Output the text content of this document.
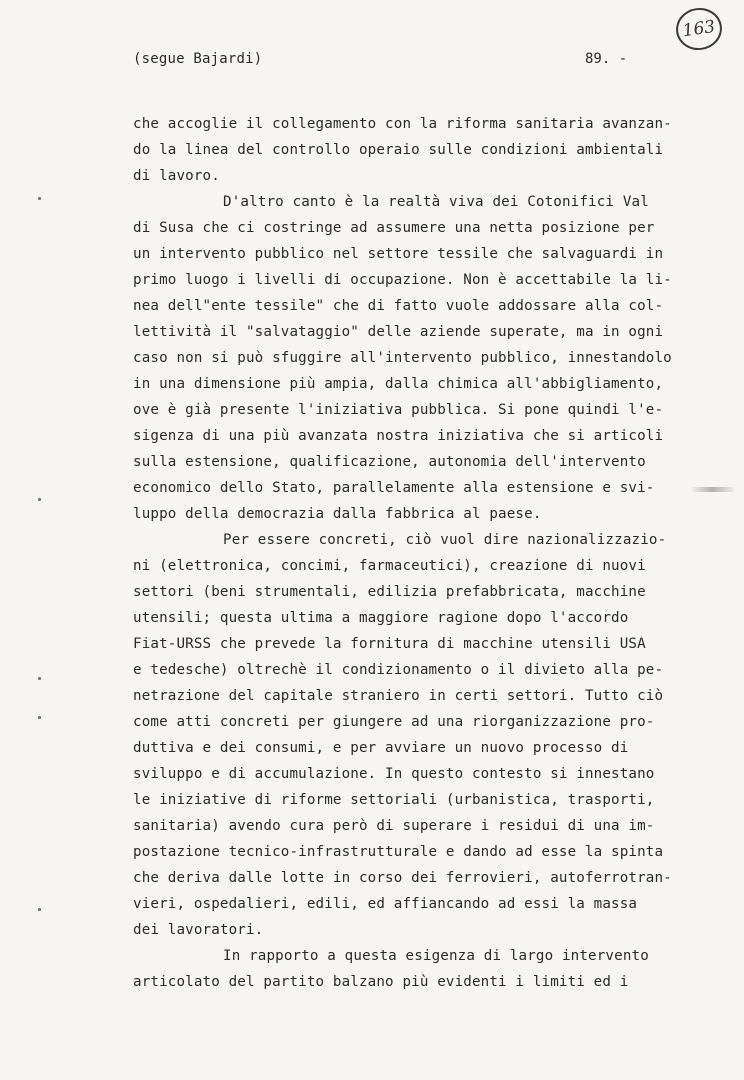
163
(segue Bajardi)	89. -
che accoglie il collegamento con la riforma sanitaria avanzan-
do la linea del controllo operaio sulle condizioni ambientali
di lavoro.
D'altro canto è la realtà viva dei Cotonifici Val
di Susa che ci costringe ad assumere una netta posizione per
un intervento pubblico nel settore tessile che salvaguardi in
primo luogo i livelli di occupazione. Non è accettabile la li-
nea dell"ente tessile" che di fatto vuole addossare alla col-
lettività il "salvataggio" delle aziende superate, ma in ogni
caso non si può sfuggire all'intervento pubblico, innestandolo
in una dimensione più ampia, dalla chimica all'abbigliamento,
ove è già presente l'iniziativa pubblica. Si pone quindi l'e-
sigenza di una più avanzata nostra iniziativa che si articoli
sulla estensione, qualificazione, autonomia dell'intervento
economico dello Stato, parallelamente alla estensione e svi-
luppo della democrazia dalla fabbrica al paese.
Per essere concreti, ciò vuol dire nazionalizzazio-
ni (elettronica, concimi, farmaceutici), creazione di nuovi
settori (beni strumentali, edilizia prefabbricata, macchine
utensili; questa ultima a maggiore ragione dopo l'accordo
Fiat-URSS che prevede la fornitura di macchine utensili USA
e tedesche) oltrechè il condizionamento o il divieto alla pe-
netrazione del capitale straniero in certi settori. Tutto ciò
come atti concreti per giungere ad una riorganizzazione pro-
duttiva e dei consumi, e per avviare un nuovo processo di
sviluppo e di accumulazione. In questo contesto si innestano
le iniziative di riforme settoriali (urbanistica, trasporti,
sanitaria) avendo cura però di superare i residui di una im-
postazione tecnico-infrastrutturale e dando ad esse la spinta
che deriva dalle lotte in corso dei ferrovieri, autoferrotran-
vieri, ospedalieri, edili, ed affiancando ad essi la massa
dei lavoratori.
In rapporto a questa esigenza di largo intervento
articolato del partito balzano più evidenti i limiti ed i
